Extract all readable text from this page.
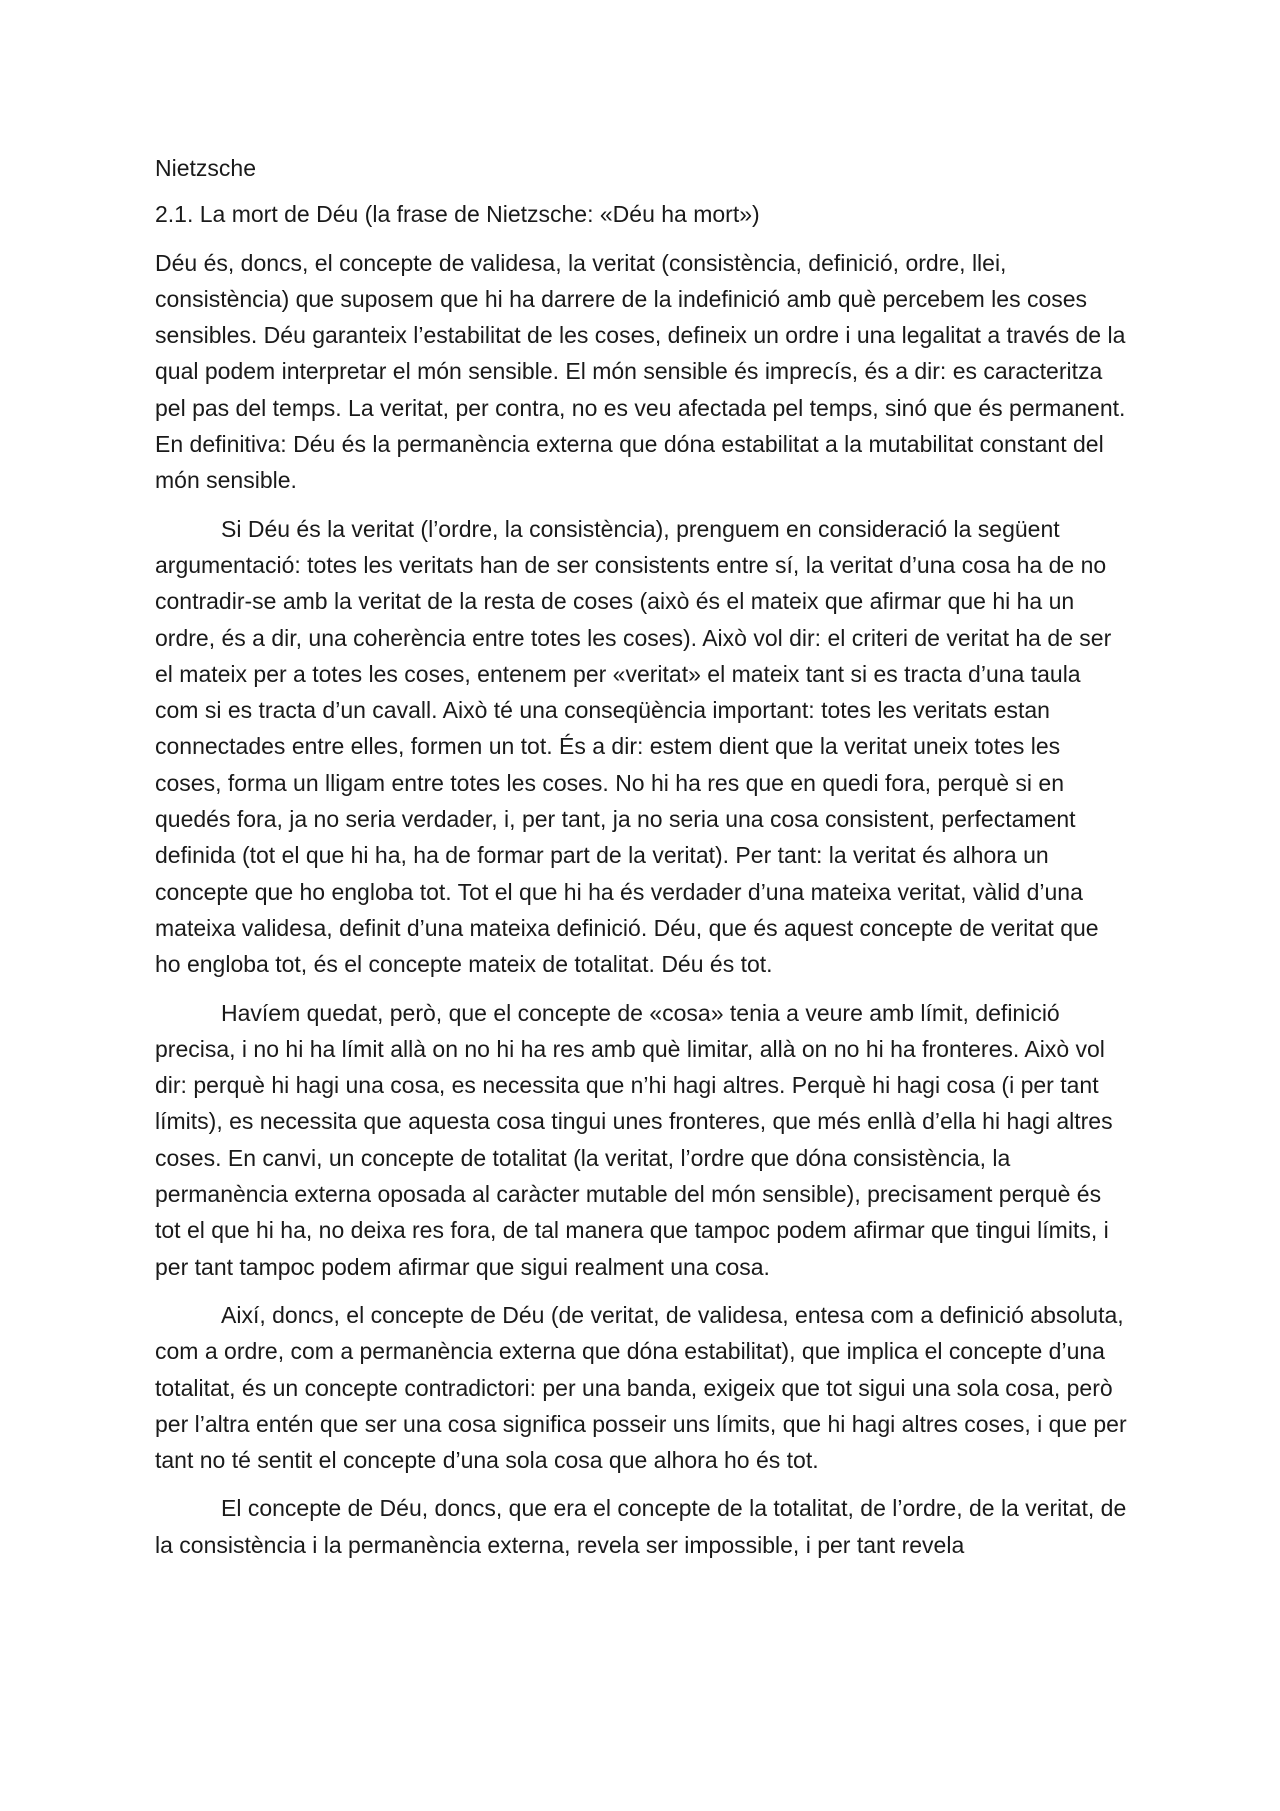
Nietzsche

2.1. La mort de Déu (la frase de Nietzsche: «Déu ha mort»)

Déu és, doncs, el concepte de validesa, la veritat (consistència, definició, ordre, llei, consistència) que suposem que hi ha darrere de la indefinició amb què percebem les coses sensibles. Déu garanteix l’estabilitat de les coses, defineix un ordre i una legalitat a través de la qual podem interpretar el món sensible. El món sensible és imprecís, és a dir: es caracteritza pel pas del temps. La veritat, per contra, no es veu afectada pel temps, sinó que és permanent. En definitiva: Déu és la permanència externa que dóna estabilitat a la mutabilitat constant del món sensible.

Si Déu és la veritat (l’ordre, la consistència), prenguem en consideració la següent argumentació: totes les veritats han de ser consistents entre sí, la veritat d’una cosa ha de no contradir-se amb la veritat de la resta de coses (això és el mateix que afirmar que hi ha un ordre, és a dir, una coherència entre totes les coses). Això vol dir: el criteri de veritat ha de ser el mateix per a totes les coses, entenem per «veritat» el mateix tant si es tracta d’una taula com si es tracta d’un cavall. Això té una conseqüència important: totes les veritats estan connectades entre elles, formen un tot. És a dir: estem dient que la veritat uneix totes les coses, forma un lligam entre totes les coses. No hi ha res que en quedi fora, perquè si en quedés fora, ja no seria verdader, i, per tant, ja no seria una cosa consistent, perfectament definida (tot el que hi ha, ha de formar part de la veritat). Per tant: la veritat és alhora un concepte que ho engloba tot. Tot el que hi ha és verdader d’una mateixa veritat, vàlid d’una mateixa validesa, definit d’una mateixa definició. Déu, que és aquest concepte de veritat que ho engloba tot, és el concepte mateix de totalitat. Déu és tot.

Havíem quedat, però, que el concepte de «cosa» tenia a veure amb límit, definició precisa, i no hi ha límit allà on no hi ha res amb què limitar, allà on no hi ha fronteres. Això vol dir: perquè hi hagi una cosa, es necessita que n’hi hagi altres. Perquè hi hagi cosa (i per tant límits), es necessita que aquesta cosa tingui unes fronteres, que més enllà d’ella hi hagi altres coses. En canvi, un concepte de totalitat (la veritat, l’ordre que dóna consistència, la permanència externa oposada al caràcter mutable del món sensible), precisament perquè és tot el que hi ha, no deixa res fora, de tal manera que tampoc podem afirmar que tingui límits, i per tant tampoc podem afirmar que sigui realment una cosa.

Així, doncs, el concepte de Déu (de veritat, de validesa, entesa com a definició absoluta, com a ordre, com a permanència externa que dóna estabilitat), que implica el concepte d’una totalitat, és un concepte contradictori: per una banda, exigeix que tot sigui una sola cosa, però per l’altra entén que ser una cosa significa posseir uns límits, que hi hagi altres coses, i que per tant no té sentit el concepte d’una sola cosa que alhora ho és tot.

El concepte de Déu, doncs, que era el concepte de la totalitat, de l’ordre, de la veritat, de la consistència i la permanència externa, revela ser impossible, i per tant revela
